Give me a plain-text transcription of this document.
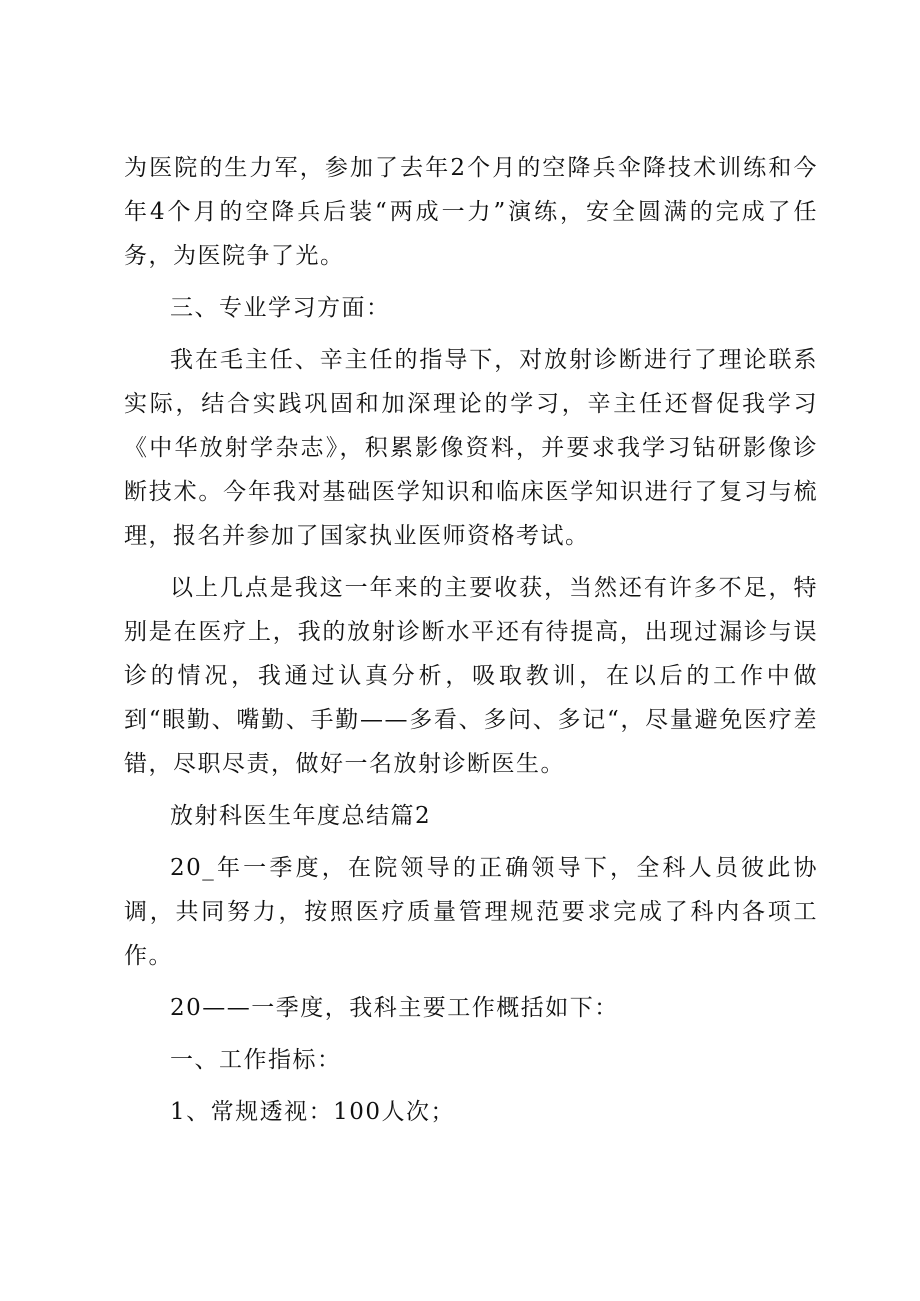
为医院的生力军，参加了去年2个月的空降兵伞降技术训练和今年4个月的空降兵后装“两成一力”演练，安全圆满的完成了任务，为医院争了光。

三、专业学习方面：

我在毛主任、辛主任的指导下，对放射诊断进行了理论联系实际，结合实践巩固和加深理论的学习，辛主任还督促我学习《中华放射学杂志》，积累影像资料，并要求我学习钻研影像诊断技术。今年我对基础医学知识和临床医学知识进行了复习与梳理，报名并参加了国家执业医师资格考试。

以上几点是我这一年来的主要收获，当然还有许多不足，特别是在医疗上，我的放射诊断水平还有待提高，出现过漏诊与误诊的情况，我通过认真分析，吸取教训，在以后的工作中做到“眼勤、嘴勤、手勤——多看、多问、多记“，尽量避免医疗差错，尽职尽责，做好一名放射诊断医生。

放射科医生年度总结篇2

20_年一季度，在院领导的正确领导下，全科人员彼此协调，共同努力，按照医疗质量管理规范要求完成了科内各项工作。

20——一季度，我科主要工作概括如下：

一、工作指标：

1、常规透视：100人次；
